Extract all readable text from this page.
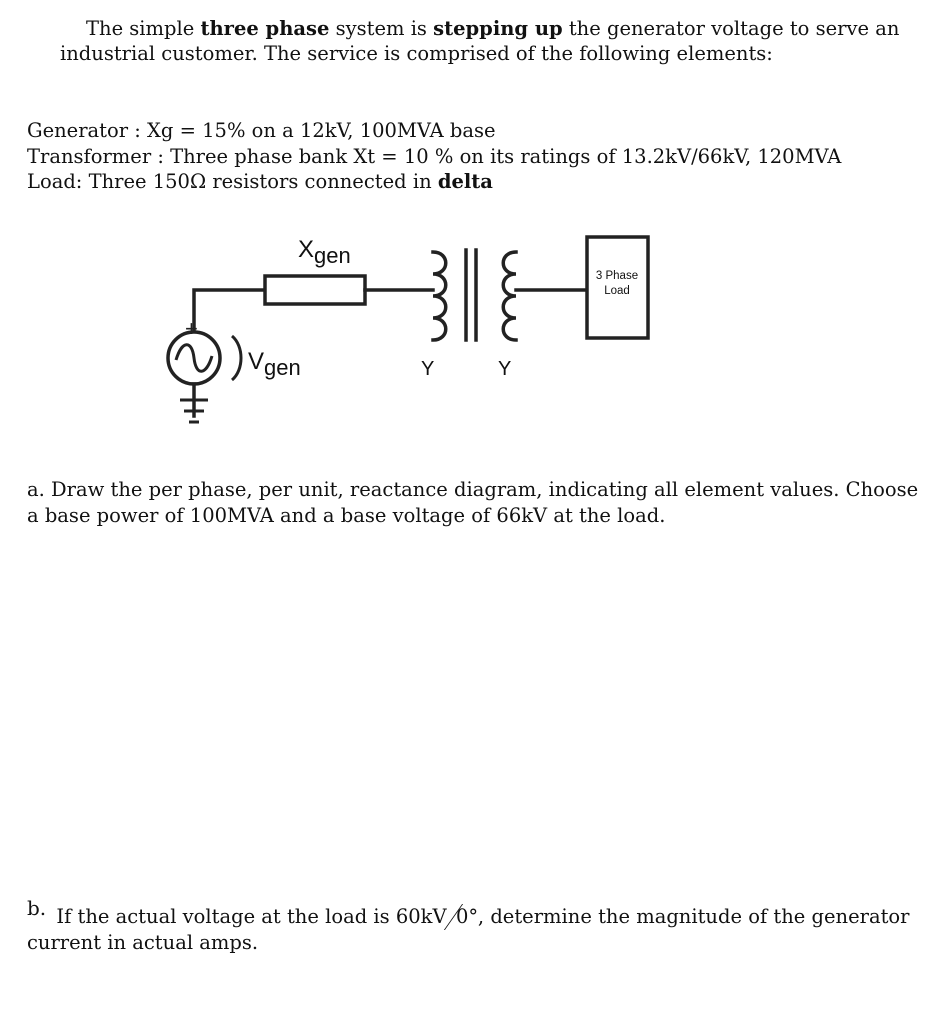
The simple three phase system is stepping up the generator voltage to serve an industrial customer. The service is comprised of the following elements:

Generator : Xg = 15% on a 12kV, 100MVA base
Transformer : Three phase bank Xt = 10 % on its ratings of 13.2kV/66kV, 120MVA
Load: Three 150Ω resistors connected in delta
+
Xgen
Vgen	Y	Y
3 Phase
Load

a. Draw the per phase, per unit, reactance diagram, indicating all element values. Choose a base power of 100MVA and a base voltage of 66kV at the load.

b. If the actual voltage at the load is 60kV 0°, determine the magnitude of the generator current in actual amps.
